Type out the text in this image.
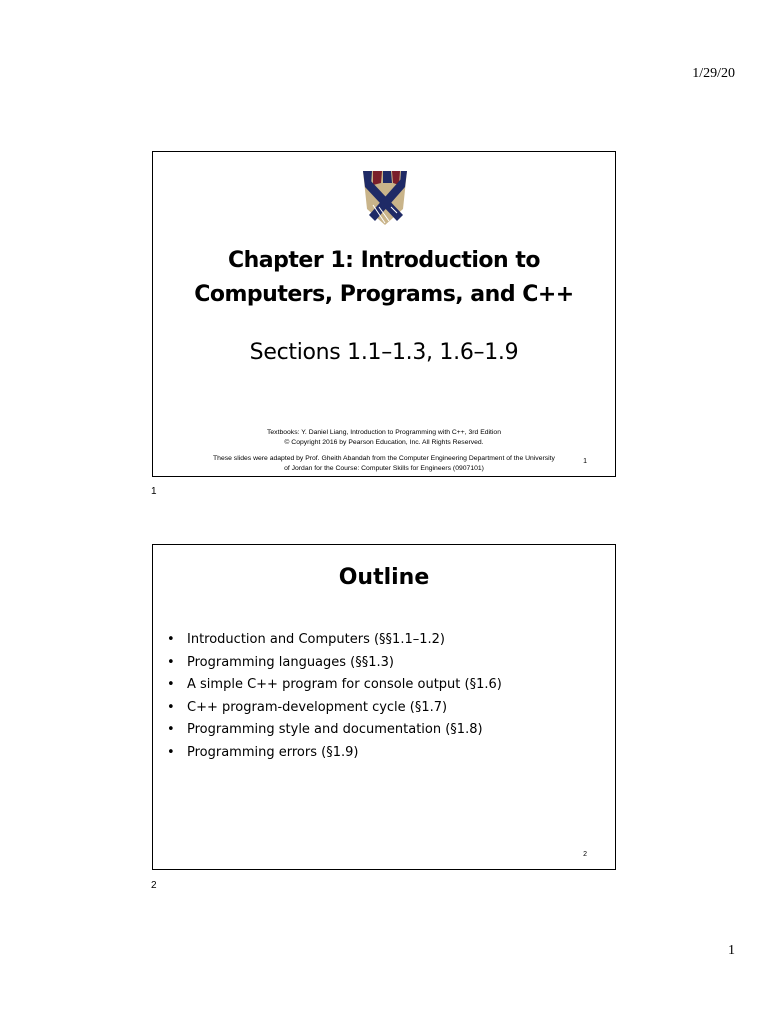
1/29/20
Chapter 1: Introduction to
Computers, Programs, and C++
Sections 1.1–1.3, 1.6–1.9
Textbooks: Y. Daniel Liang, Introduction to Programming with C++, 3rd Edition
© Copyright 2016 by Pearson Education, Inc. All Rights Reserved.
These slides were adapted by Prof. Gheith Abandah from the Computer Engineering Department of the University
of Jordan for the Course: Computer Skills for Engineers (0907101)
1
1
Outline
• Introduction and Computers (§§1.1–1.2)
• Programming languages (§§1.3)
• A simple C++ program for console output (§1.6)
• C++ program-development cycle (§1.7)
• Programming style and documentation (§1.8)
• Programming errors (§1.9)
2
2
1
